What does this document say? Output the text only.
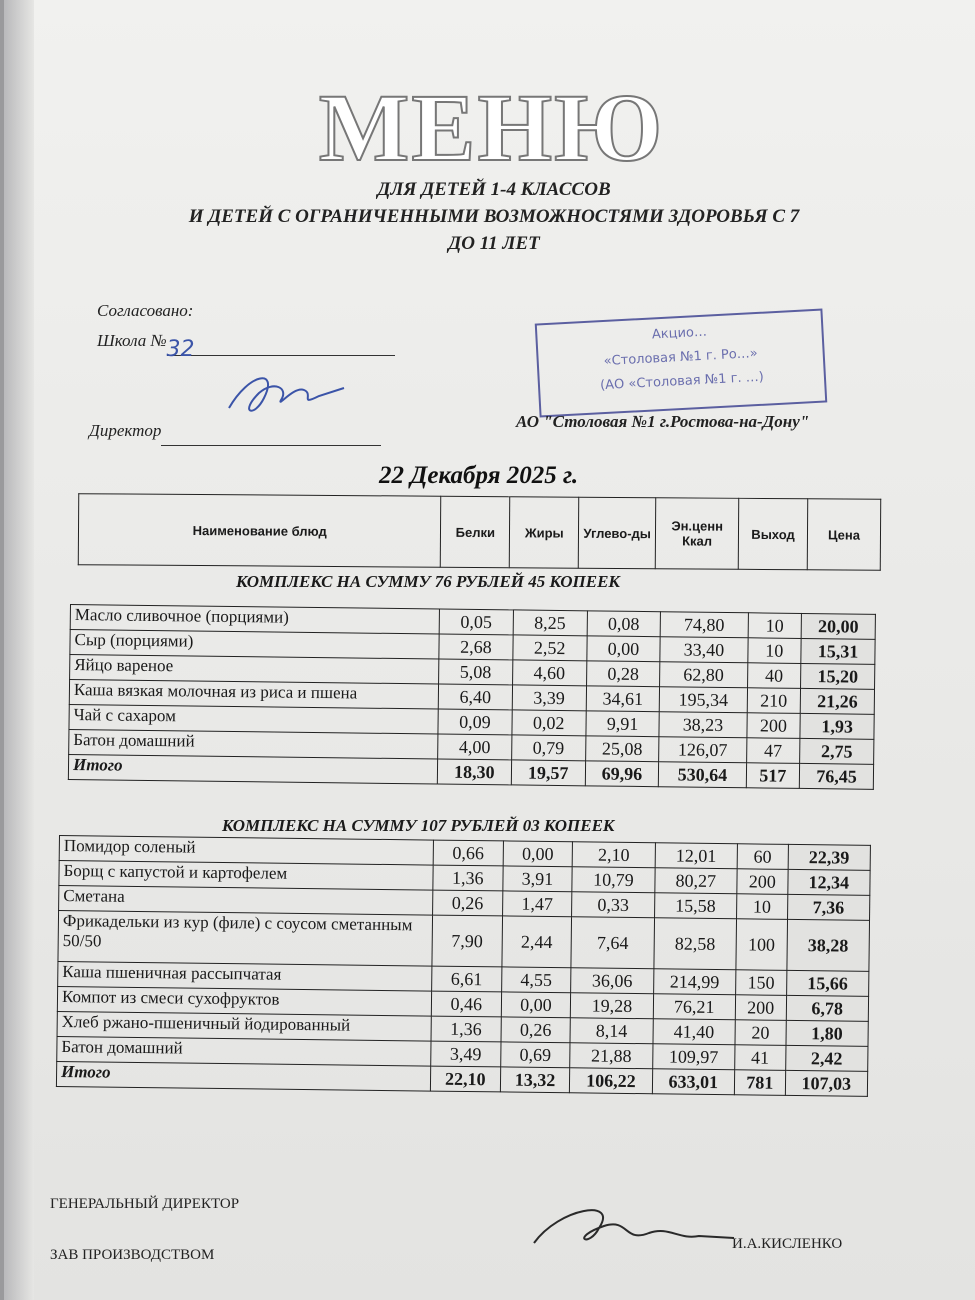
МЕНЮ
ДЛЯ ДЕТЕЙ 1-4 КЛАССОВ
И ДЕТЕЙ С ОГРАНИЧЕННЫМИ ВОЗМОЖНОСТЯМИ ЗДОРОВЬЯ С 7
ДО 11 ЛЕТ
Согласовано:
Школа №32
Директор
Акцио…
«Столовая №1 г. Ро…»
(АО «Столовая №1 г. …)
АО "Столовая №1 г.Ростова-на-Дону"
22 Декабря 2025 г.
Наименование блюд	Белки	Жиры	Углево-ды	Эн.ценн Ккал	Выход	Цена
КОМПЛЕКС НА СУММУ 76 РУБЛЕЙ 45 КОПЕЕК
Масло сливочное (порциями)	0,05	8,25	0,08	74,80	10	20,00
Сыр (порциями)	2,68	2,52	0,00	33,40	10	15,31
Яйцо вареное	5,08	4,60	0,28	62,80	40	15,20
Каша вязкая молочная из риса и пшена	6,40	3,39	34,61	195,34	210	21,26
Чай с сахаром	0,09	0,02	9,91	38,23	200	1,93
Батон домашний	4,00	0,79	25,08	126,07	47	2,75
Итого	18,30	19,57	69,96	530,64	517	76,45
КОМПЛЕКС НА СУММУ 107 РУБЛЕЙ 03 КОПЕЕК
Помидор соленый	0,66	0,00	2,10	12,01	60	22,39
Борщ с капустой и картофелем	1,36	3,91	10,79	80,27	200	12,34
Сметана	0,26	1,47	0,33	15,58	10	7,36
Фрикадельки из кур (филе) с соусом сметанным 50/50	7,90	2,44	7,64	82,58	100	38,28
Каша пшеничная рассыпчатая	6,61	4,55	36,06	214,99	150	15,66
Компот из смеси сухофруктов	0,46	0,00	19,28	76,21	200	6,78
Хлеб ржано-пшеничный йодированный	1,36	0,26	8,14	41,40	20	1,80
Батон домашний	3,49	0,69	21,88	109,97	41	2,42
Итого	22,10	13,32	106,22	633,01	781	107,03
ГЕНЕРАЛЬНЫЙ ДИРЕКТОР
ЗАВ ПРОИЗВОДСТВОМ
И.А.КИСЛЕНКО
